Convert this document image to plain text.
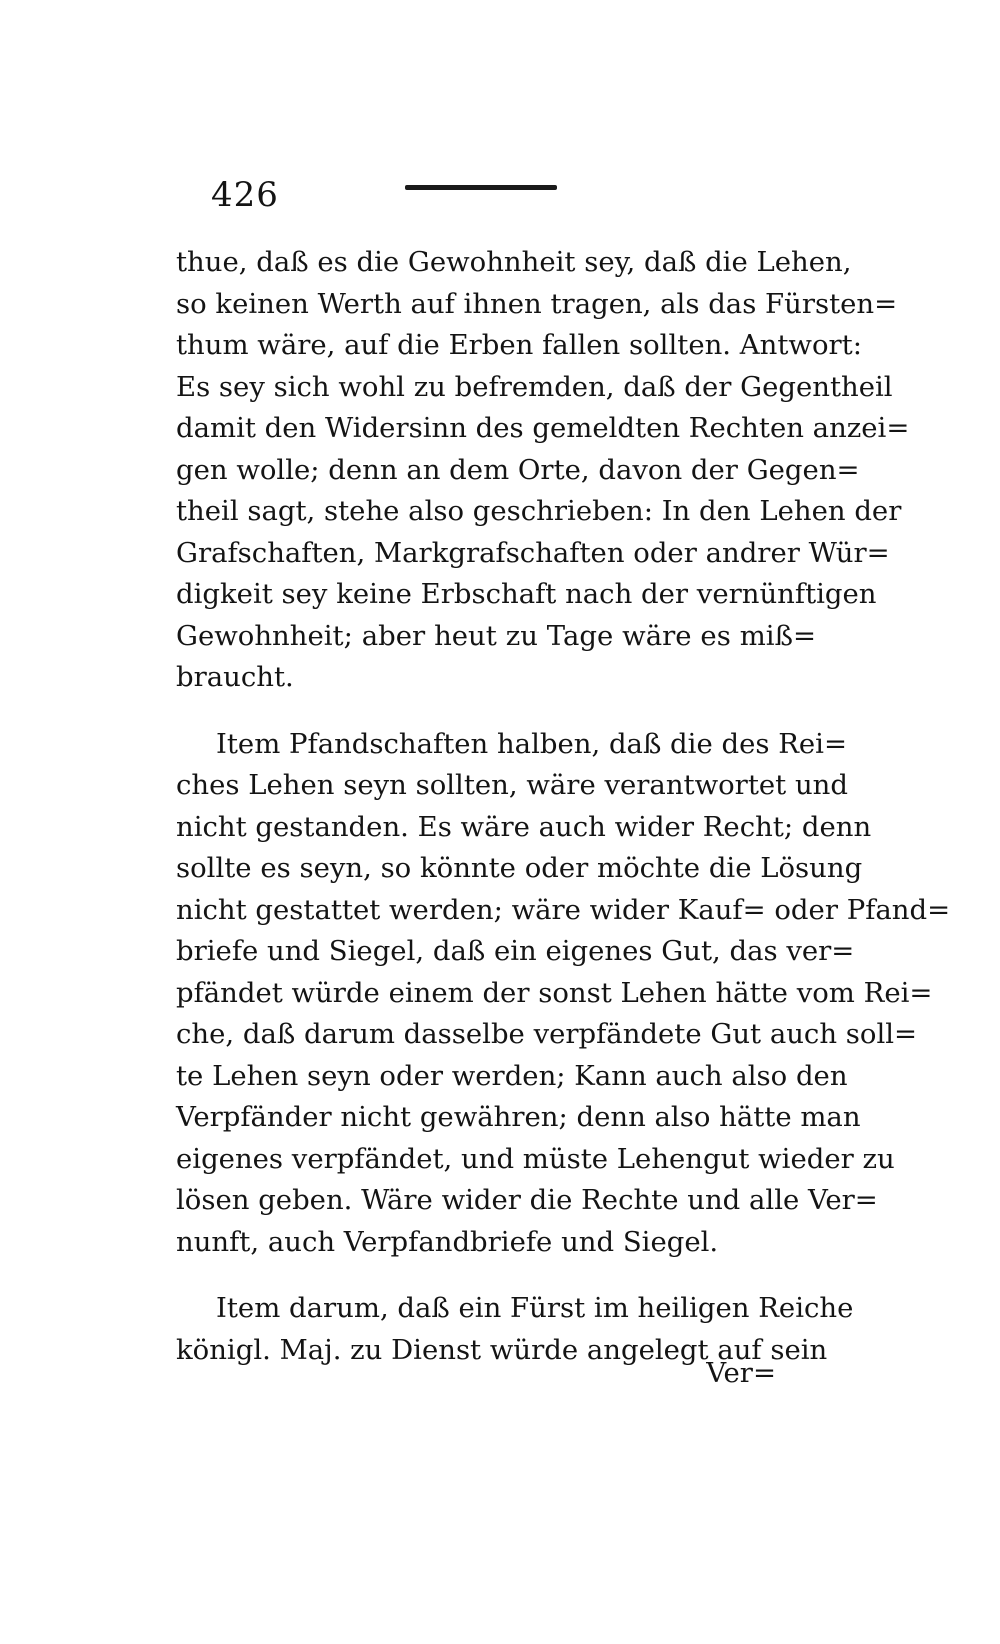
426
thue, daß es die Gewohnheit sey, daß die Lehen,
so keinen Werth auf ihnen tragen, als das Fürsten=
thum wäre, auf die Erben fallen sollten. Antwort:
Es sey sich wohl zu befremden, daß der Gegentheil
damit den Widersinn des gemeldten Rechten anzei=
gen wolle; denn an dem Orte, davon der Gegen=
theil sagt, stehe also geschrieben: In den Lehen der
Grafschaften, Markgrafschaften oder andrer Wür=
digkeit sey keine Erbschaft nach der vernünftigen
Gewohnheit; aber heut zu Tage wäre es miß=
braucht.
Item Pfandschaften halben, daß die des Rei=
ches Lehen seyn sollten, wäre verantwortet und
nicht gestanden. Es wäre auch wider Recht; denn
sollte es seyn, so könnte oder möchte die Lösung
nicht gestattet werden; wäre wider Kauf= oder Pfand=
briefe und Siegel, daß ein eigenes Gut, das ver=
pfändet würde einem der sonst Lehen hätte vom Rei=
che, daß darum dasselbe verpfändete Gut auch soll=
te Lehen seyn oder werden; Kann auch also den
Verpfänder nicht gewähren; denn also hätte man
eigenes verpfändet, und müste Lehengut wieder zu
lösen geben. Wäre wider die Rechte und alle Ver=
nunft, auch Verpfandbriefe und Siegel.
Item darum, daß ein Fürst im heiligen Reiche
königl. Maj. zu Dienst würde angelegt auf sein
Ver=
